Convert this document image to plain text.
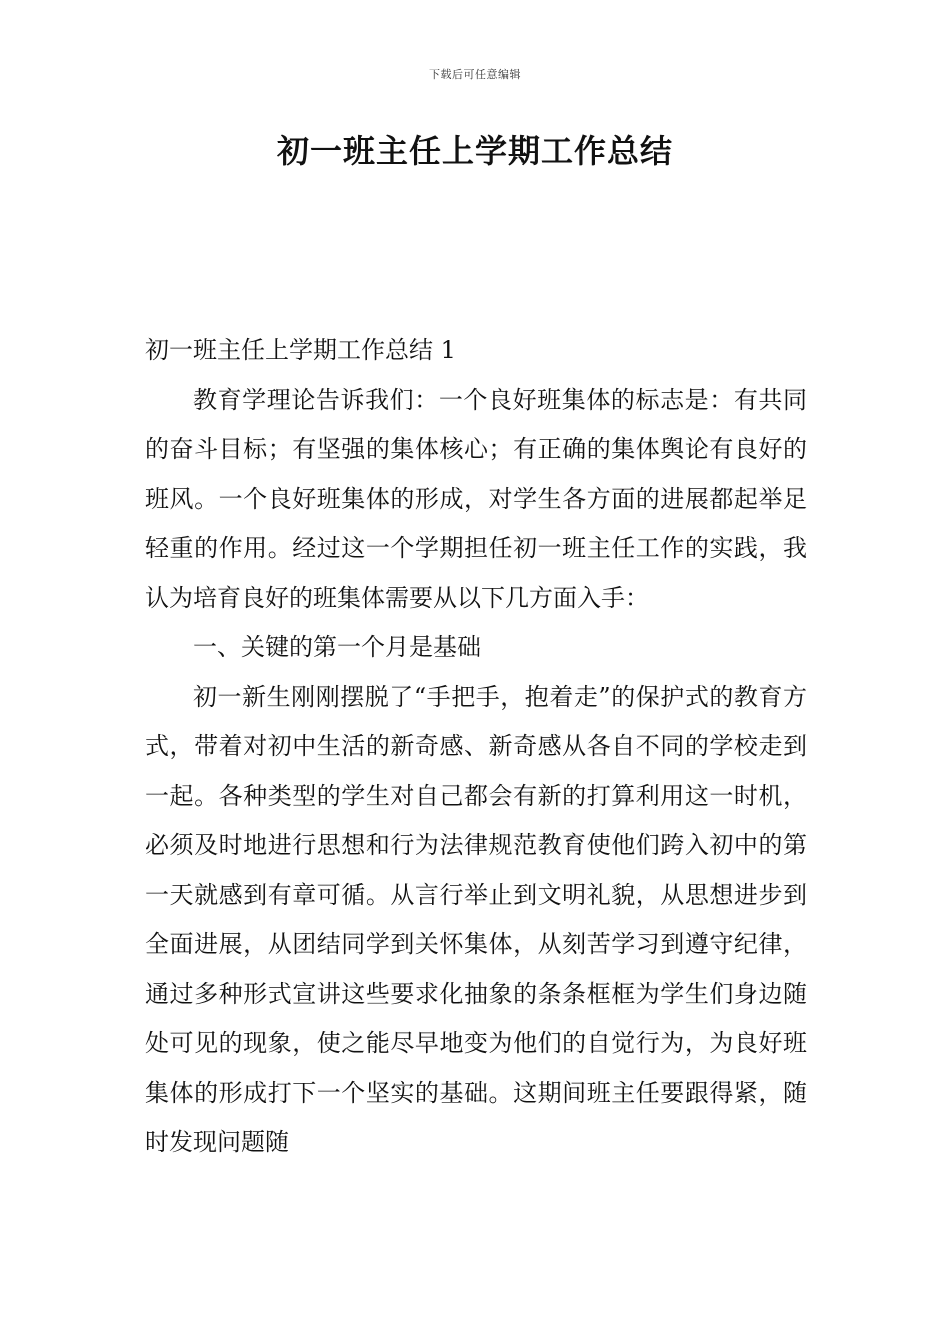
下载后可任意编辑
初一班主任上学期工作总结

初一班主任上学期工作总结 1

教育学理论告诉我们：一个良好班集体的标志是：有共同的奋斗目标；有坚强的集体核心；有正确的集体舆论有良好的班风。一个良好班集体的形成，对学生各方面的进展都起举足轻重的作用。经过这一个学期担任初一班主任工作的实践，我认为培育良好的班集体需要从以下几方面入手：

一、关键的第一个月是基础

初一新生刚刚摆脱了“手把手，抱着走”的保护式的教育方式，带着对初中生活的新奇感、新奇感从各自不同的学校走到一起。各种类型的学生对自己都会有新的打算利用这一时机，必须及时地进行思想和行为法律规范教育使他们跨入初中的第一天就感到有章可循。从言行举止到文明礼貌，从思想进步到全面进展，从团结同学到关怀集体，从刻苦学习到遵守纪律，通过多种形式宣讲这些要求化抽象的条条框框为学生们身边随处可见的现象，使之能尽早地变为他们的自觉行为，为良好班集体的形成打下一个坚实的基础。这期间班主任要跟得紧，随时发现问题随
